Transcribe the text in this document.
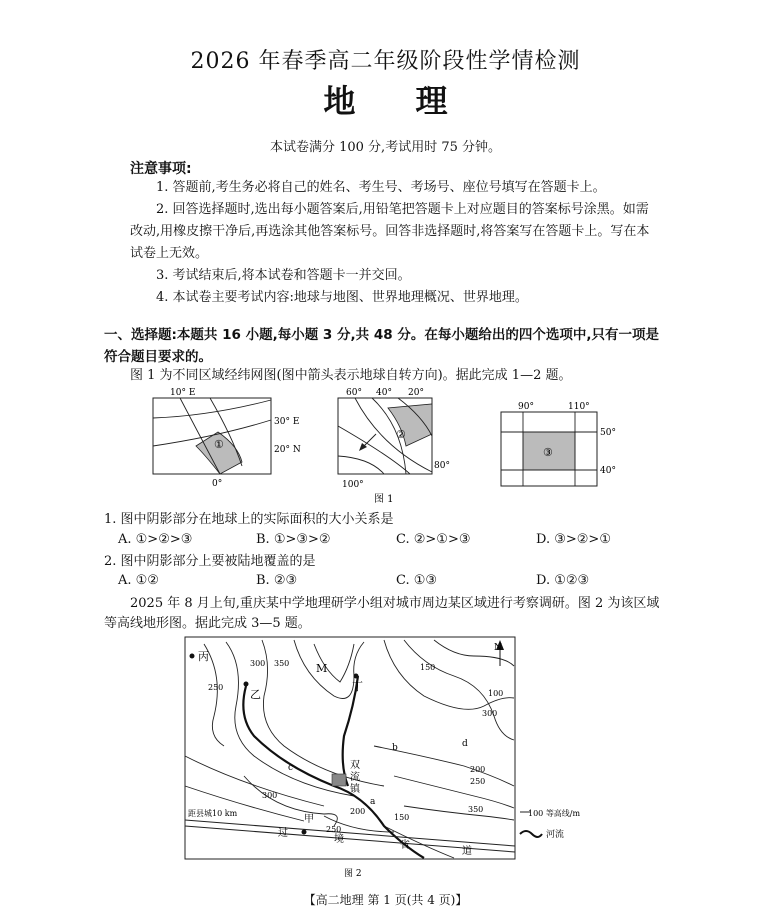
2026 年春季高二年级阶段性学情检测
地理
本试卷满分 100 分,考试用时 75 分钟。
注意事项:
1. 答题前,考生务必将自己的姓名、考生号、考场号、座位号填写在答题卡上。
2. 回答选择题时,选出每小题答案后,用铅笔把答题卡上对应题目的答案标号涂黑。如需改动,用橡皮擦干净后,再选涂其他答案标号。回答非选择题时,将答案写在答题卡上。写在本试卷上无效。
3. 考试结束后,将本试卷和答题卡一并交回。
4. 本试卷主要考试内容:地球与地图、世界地理概况、世界地理。
一、选择题:本题共 16 小题,每小题 3 分,共 48 分。在每小题给出的四个选项中,只有一项是符合题目要求的。
图 1 为不同区域经纬网图(图中箭头表示地球自转方向)。据此完成 1—2 题。
10° E
30° E
20° N
0°
①
60° 40° 20°
80°
100°
②
90°	110°
50°
40°
③
图 1
1. 图中阴影部分在地球上的实际面积的大小关系是
A. ①>②>③	B. ①>③>②	C. ②>①>③	D. ③>②>①
2. 图中阴影部分上要被陆地覆盖的是
A. ①②	B. ②③	C. ①③	D. ①②③
2025 年 8 月上旬,重庆某中学地理研学小组对城市周边某区域进行考察调研。图 2 为该区域等高线地形图。据此完成 3—5 题。
丙
乙
M
丁
双
流
镇
甲
过
境
省
道
距县城10 km
a
b
c
d
250
300 350	150
100
200
250
300
350
200
150
300
250
N
100 等高线/m
河流
图 2
【高二地理 第 1 页(共 4 页)】
